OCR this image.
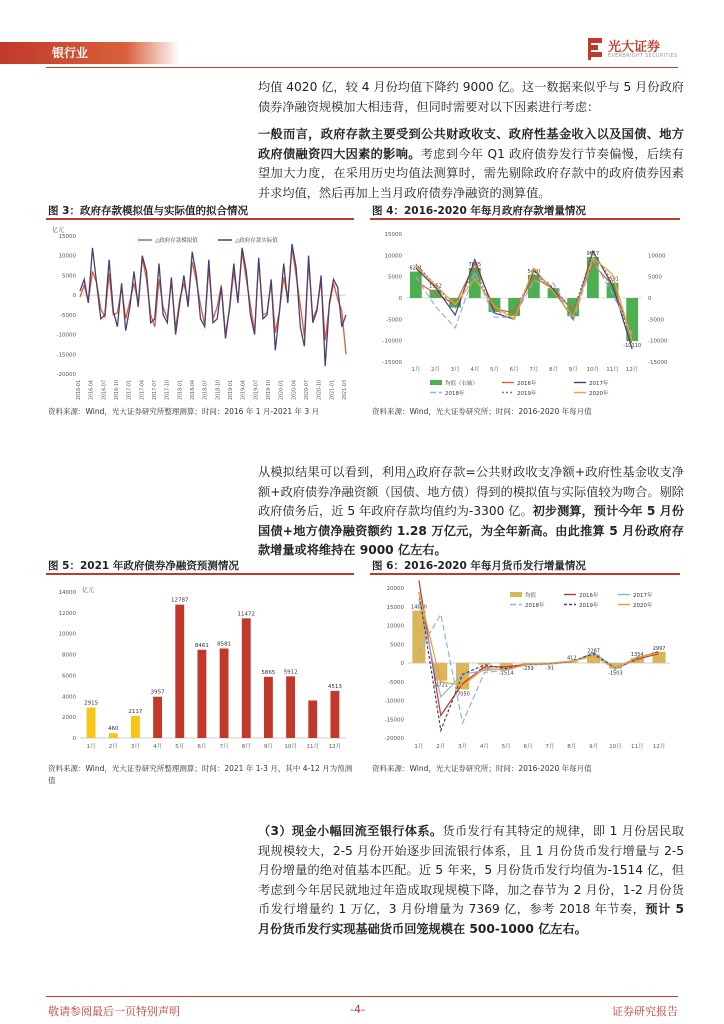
银行业	光大证券
EVERBRIGHT SECURITIES
均值 4020 亿，较 4 月份均值下降约 9000 亿。这一数据来似乎与 5 月份政府债券净融资规模加大相违背，但同时需要对以下因素进行考虑：
一般而言，政府存款主要受到公共财政收支、政府性基金收入以及国债、地方政府债融资四大因素的影响。考虑到今年 Q1 政府债券发行节奏偏慢，后续有望加大力度，在采用历史均值法测算时，需先剔除政府存款中的政府债券因素并求均值，然后再加上当月政府债券净融资的测算值。
图 3：政府存款模拟值与实际值的拟合情况
亿元
15000
10000
5000
0
-5000
-10000
-15000
-20000
△政府存款模拟值	△政府存款实际值
2016-01 2016-04 2016-07 2016-10 2017-01 2017-04 2017-07 2017-10 2018-01 2018-04 2018-07 2018-10 2019-01 2019-04 2019-07 2019-10 2020-01 2020-04 2020-07 2020-10 2021-01 2021-03
资料来源：Wind，光大证券研究所整理测算；时间：2016 年 1 月-2021 年 3 月
图 4：2016-2020 年每月政府存款增量情况
15000
10000
5000
0
-5000
-10000
-15000
10000
5000
0
-5000
-10000
-15000
6201
1952
7045
5430
9617
3591
-10110
1月 2月 3月 4月 5月 6月 7月 8月 9月 10月 11月 12月
均值（右轴）	2016年	2017年
2018年	2019年	2020年
资料来源：Wind，光大证券研究所；时间：2016-2020 年每月值
从模拟结果可以看到，利用△政府存款=公共财政收支净额+政府性基金收支净额+政府债券净融资额（国债、地方债）得到的模拟值与实际值较为吻合。剔除政府债务后，近 5 年政府存款均值约为-3300 亿。初步测算，预计今年 5 月份国债+地方债净融资额约 1.28 万亿元，为全年新高。由此推算 5 月份政府存款增量或将维持在 9000 亿左右。
图 5：2021 年政府债券净融资预测情况
亿元
14000
12000
10000
8000
6000
4000
2000
0
2915
1月
460
2月
2117
3月
3957
4月
12787
5月
8461
6月
8581
7月
11472
8月
5865
9月
5912
10月 11月
4513
12月
资料来源：Wind，光大证券研究所整理测算；时间：2021 年 1-3 月，其中 4-12 月为预测值
图 6：2016-2020 年每月货币发行增量情况
20000
15000
10000
5000
0
-5000
-10000
-15000
-20000
14000
-4721
-7050
-448
-1514
-259 -91
412
2287
-1503
1354
2997
1月 2月 3月 4月 5月 6月 7月 8月 9月 10月 11月 12月
均值	2016年	2017年
2018年	2019年	2020年
资料来源：Wind，光大证券研究所；时间：2016-2020 年每月值
（3）现金小幅回流至银行体系。货币发行有其特定的规律，即 1 月份居民取现规模较大，2-5 月份开始逐步回流银行体系，且 1 月份货币发行增量与 2-5 月份增量的绝对值基本匹配。近 5 年来，5 月份货币发行均值为-1514 亿，但考虑到今年居民就地过年造成取现规模下降，加之春节为 2 月份，1-2 月份货币发行增量约 1 万亿，3 月份增量为 7369 亿，参考 2018 年节奏，预计 5 月份货币发行实现基础货币回笼规模在 500-1000 亿左右。
敬请参阅最后一页特别声明	-4-	证券研究报告
